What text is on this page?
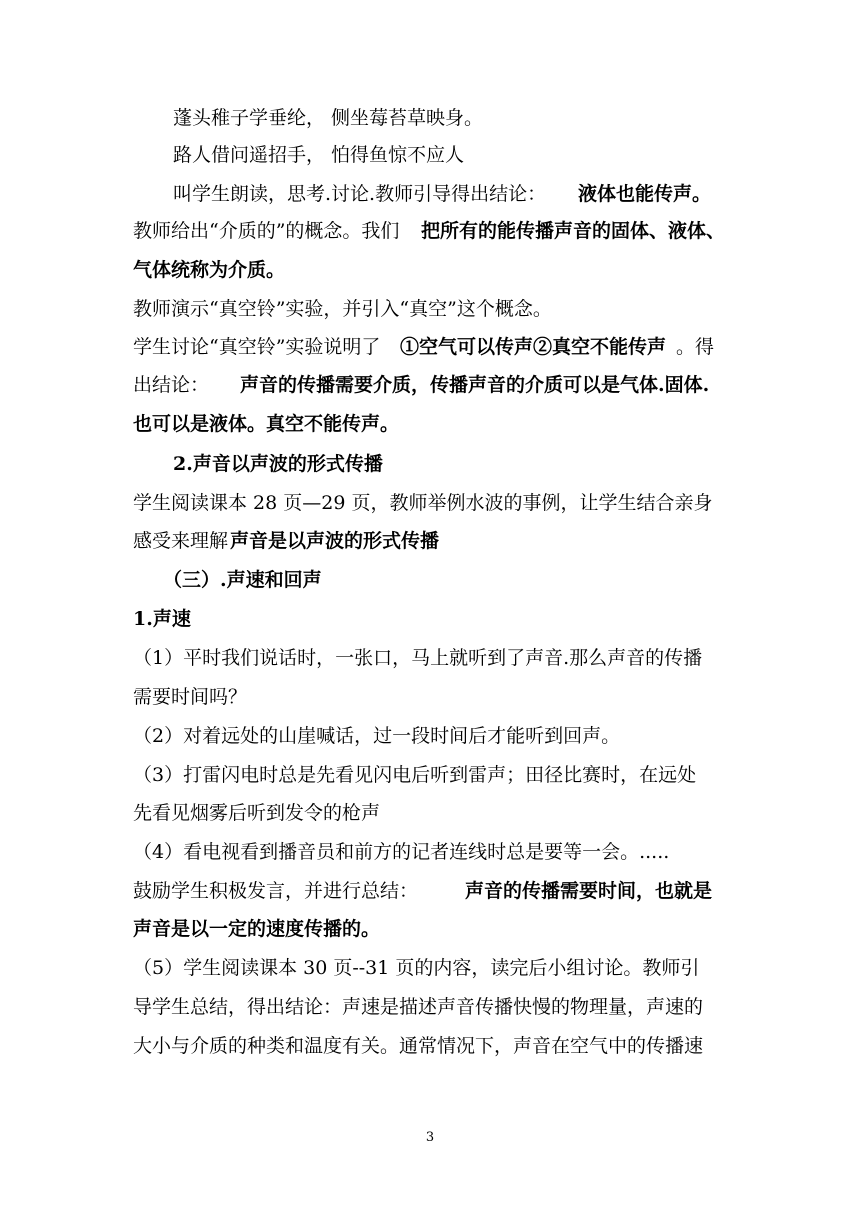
蓬头稚子学垂纶， 侧坐莓苔草映身。
路人借问遥招手， 怕得鱼惊不应人
叫学生朗读，思考.讨论.教师引导得出结论： 液体也能传声。
教师给出“介质的”的概念。我们 把所有的能传播声音的固体、液体、
气体统称为介质。
教师演示“真空铃”实验，并引入“真空”这个概念。
学生讨论“真空铃”实验说明了 ①空气可以传声②真空不能传声 。得
出结论： 声音的传播需要介质，传播声音的介质可以是气体.固体.
也可以是液体。真空不能传声。
2.声音以声波的形式传播
学生阅读课本 28 页—29 页，教师举例水波的事例，让学生结合亲身
感受来理解 声音是以声波的形式传播
（三）.声速和回声
1.声速
（1）平时我们说话时，一张口，马上就听到了声音.那么声音的传播
需要时间吗？
（2）对着远处的山崖喊话，过一段时间后才能听到回声。
（3）打雷闪电时总是先看见闪电后听到雷声；田径比赛时，在远处
先看见烟雾后听到发令的枪声
（4）看电视看到播音员和前方的记者连线时总是要等一会。.....
鼓励学生积极发言，并进行总结： 声音的传播需要时间，也就是
声音是以一定的速度传播的。
（5）学生阅读课本 30 页--31 页的内容，读完后小组讨论。教师引
导学生总结，得出结论：声速是描述声音传播快慢的物理量，声速的
大小与介质的种类和温度有关。通常情况下，声音在空气中的传播速
3
